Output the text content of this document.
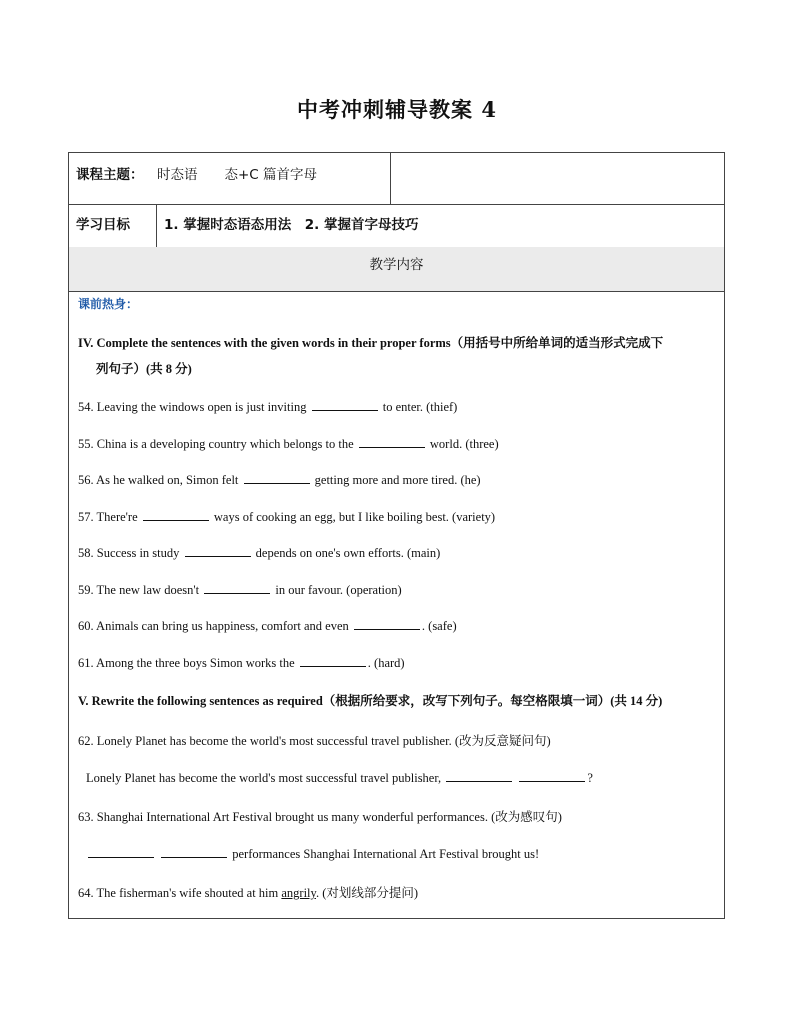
中考冲刺辅导教案 4
课程主题： 时态语　　态+C 篇首字母
学习目标	1. 掌握时态语态用法　2. 掌握首字母技巧
教学内容
课前热身：
IV. Complete the sentences with the given words in their proper forms（用括号中所给单词的适当形式完成下
列句子）(共 8 分)
54. Leaving the windows open is just inviting	to enter. (thief)
55. China is a developing country which belongs to the	world. (three)
56. As he walked on, Simon felt	getting more and more tired. (he)
57. There're	ways of cooking an egg, but I like boiling best. (variety)
58. Success in study	depends on one's own efforts. (main)
59. The new law doesn't	in our favour. (operation)
60. Animals can bring us happiness, comfort and even	. (safe)
61. Among the three boys Simon works the	. (hard)
V. Rewrite the following sentences as required（根据所给要求，改写下列句子。每空格限填一词）(共 14 分)
62. Lonely Planet has become the world's most successful travel publisher. (改为反意疑问句)
Lonely Planet has become the world's most successful travel publisher,	?
63. Shanghai International Art Festival brought us many wonderful performances. (改为感叹句)
performances Shanghai International Art Festival brought us!
64. The fisherman's wife shouted at him angrily. (对划线部分提问)
